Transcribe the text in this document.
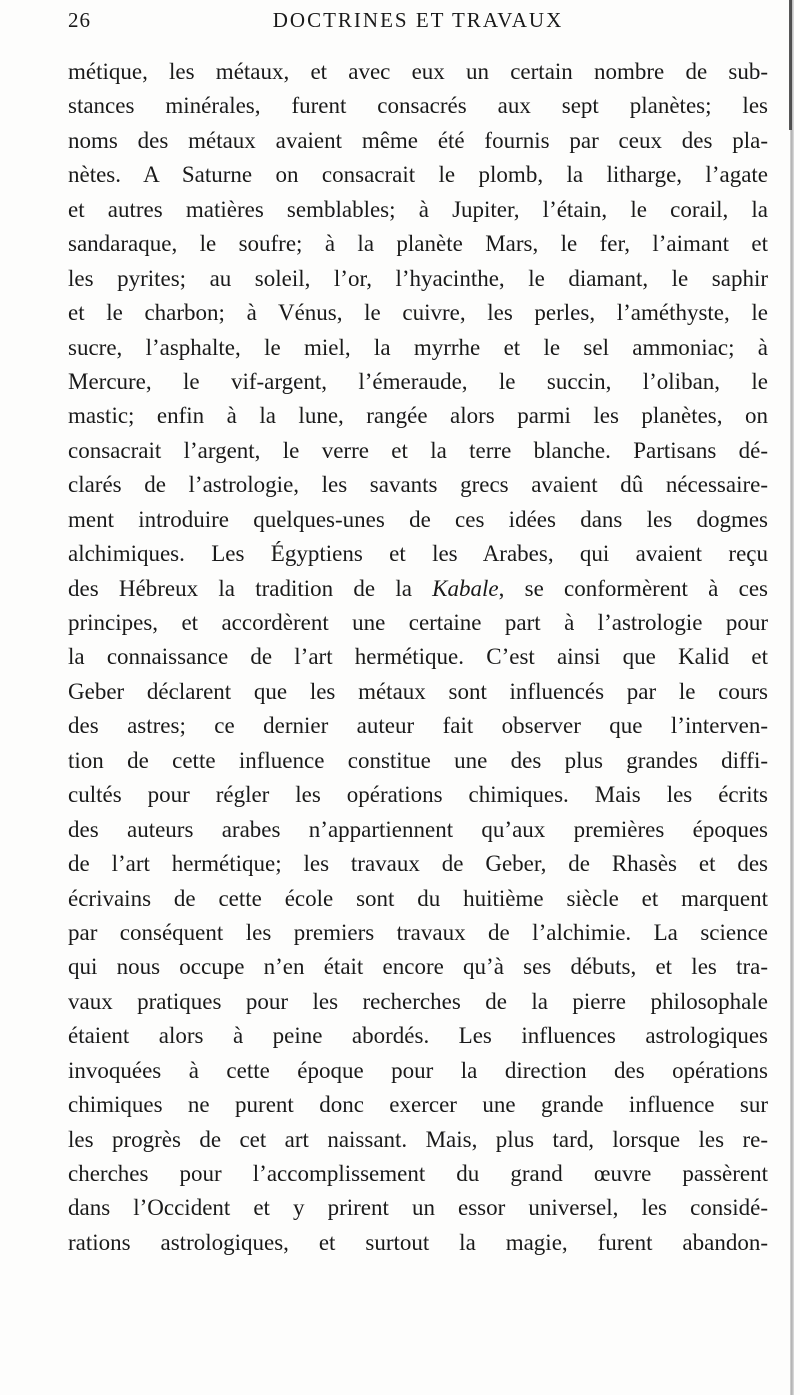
DOCTRINES ET TRAVAUX
26
métique, les métaux, et avec eux un certain nombre de sub-
stances minérales, furent consacrés aux sept planètes; les
noms des métaux avaient même été fournis par ceux des pla-
nètes. A Saturne on consacrait le plomb, la litharge, l’agate
et autres matières semblables; à Jupiter, l’étain, le corail, la
sandaraque, le soufre; à la planète Mars, le fer, l’aimant et
les pyrites; au soleil, l’or, l’hyacinthe, le diamant, le saphir
et le charbon; à Vénus, le cuivre, les perles, l’améthyste, le
sucre, l’asphalte, le miel, la myrrhe et le sel ammoniac; à
Mercure, le vif-argent, l’émeraude, le succin, l’oliban, le
mastic; enfin à la lune, rangée alors parmi les planètes, on
consacrait l’argent, le verre et la terre blanche. Partisans dé-
clarés de l’astrologie, les savants grecs avaient dû nécessaire-
ment introduire quelques-unes de ces idées dans les dogmes
alchimiques. Les Égyptiens et les Arabes, qui avaient reçu
des Hébreux la tradition de la Kabale, se conformèrent à ces
principes, et accordèrent une certaine part à l’astrologie pour
la connaissance de l’art hermétique. C’est ainsi que Kalid et
Geber déclarent que les métaux sont influencés par le cours
des astres; ce dernier auteur fait observer que l’interven-
tion de cette influence constitue une des plus grandes diffi-
cultés pour régler les opérations chimiques. Mais les écrits
des auteurs arabes n’appartiennent qu’aux premières époques
de l’art hermétique; les travaux de Geber, de Rhasès et des
écrivains de cette école sont du huitième siècle et marquent
par conséquent les premiers travaux de l’alchimie. La science
qui nous occupe n’en était encore qu’à ses débuts, et les tra-
vaux pratiques pour les recherches de la pierre philosophale
étaient alors à peine abordés. Les influences astrologiques
invoquées à cette époque pour la direction des opérations
chimiques ne purent donc exercer une grande influence sur
les progrès de cet art naissant. Mais, plus tard, lorsque les re-
cherches pour l’accomplissement du grand œuvre passèrent
dans l’Occident et y prirent un essor universel, les considé-
rations astrologiques, et surtout la magie, furent abandon-
